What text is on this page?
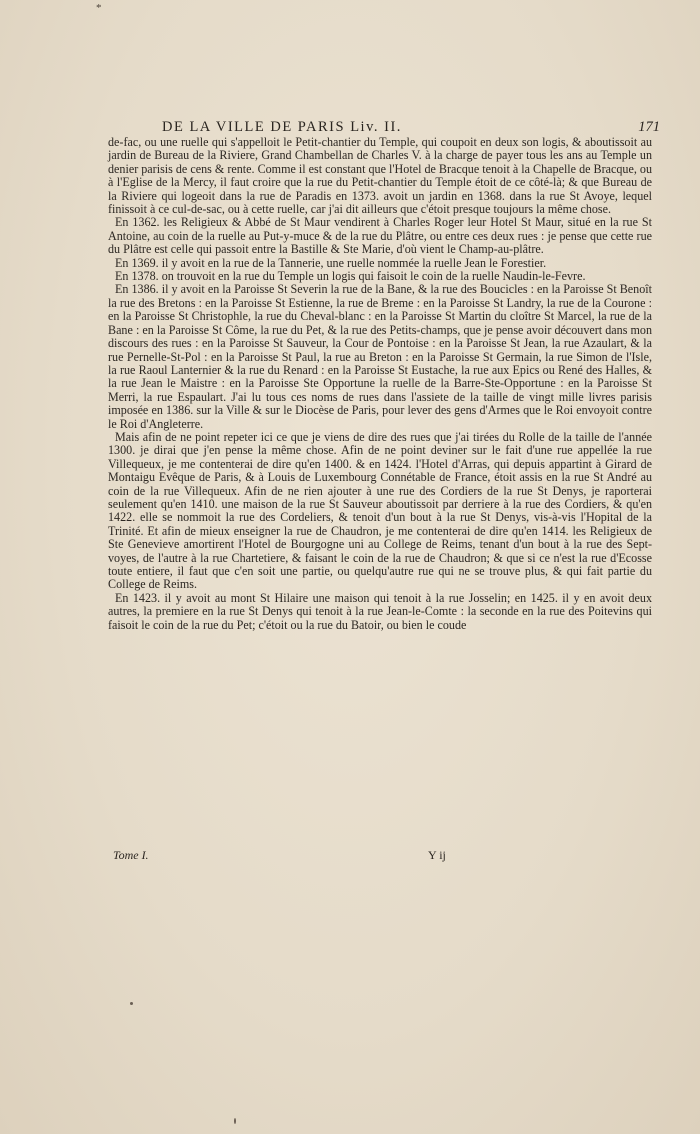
*
DE LA VILLE DE PARIS Liv. II.	171

de-fac, ou une ruelle qui s'appelloit le Petit-chantier du Temple, qui coupoit en deux son logis, & aboutissoit au jardin de Bureau de la Riviere, Grand Chambellan de Charles V. à la charge de payer tous les ans au Temple un denier parisis de cens & rente. Comme il est constant que l'Hotel de Bracque tenoit à la Chapelle de Bracque, ou à l'Eglise de la Mercy, il faut croire que la rue du Petit-chantier du Temple étoit de ce côté-là; & que Bureau de la Riviere qui logeoit dans la rue de Paradis en 1373. avoit un jardin en 1368. dans la rue St Avoye, lequel finissoit à ce cul-de-sac, ou à cette ruelle, car j'ai dit ailleurs que c'étoit presque toujours la même chose.

En 1362. les Religieux & Abbé de St Maur vendirent à Charles Roger leur Hotel St Maur, situé en la rue St Antoine, au coin de la ruelle au Put-y-muce & de la rue du Plâtre, ou entre ces deux rues : je pense que cette rue du Plâtre est celle qui passoit entre la Bastille & Ste Marie, d'où vient le Champ-au-plâtre.

En 1369. il y avoit en la rue de la Tannerie, une ruelle nommée la ruelle Jean le Forestier.

En 1378. on trouvoit en la rue du Temple un logis qui faisoit le coin de la ruelle Naudin-le-Fevre.

En 1386. il y avoit en la Paroisse St Severin la rue de la Bane, & la rue des Boucicles : en la Paroisse St Benoît la rue des Bretons : en la Paroisse St Estienne, la rue de Breme : en la Paroisse St Landry, la rue de la Courone : en la Paroisse St Christophle, la rue du Cheval-blanc : en la Paroisse St Martin du cloître St Marcel, la rue de la Bane : en la Paroisse St Côme, la rue du Pet, & la rue des Petits-champs, que je pense avoir découvert dans mon discours des rues : en la Paroisse St Sauveur, la Cour de Pontoise : en la Paroisse St Jean, la rue Azaulart, & la rue Pernelle-St-Pol : en la Paroisse St Paul, la rue au Breton : en la Paroisse St Germain, la rue Simon de l'Isle, la rue Raoul Lanternier & la rue du Renard : en la Paroisse St Eustache, la rue aux Epics ou René des Halles, & la rue Jean le Maistre : en la Paroisse Ste Opportune la ruelle de la Barre-Ste-Opportune : en la Paroisse St Merri, la rue Espaulart. J'ai lu tous ces noms de rues dans l'assiete de la taille de vingt mille livres parisis imposée en 1386. sur la Ville & sur le Diocèse de Paris, pour lever des gens d'Armes que le Roi envoyoit contre le Roi d'Angleterre.

Mais afin de ne point repeter ici ce que je viens de dire des rues que j'ai tirées du Rolle de la taille de l'année 1300. je dirai que j'en pense la même chose. Afin de ne point deviner sur le fait d'une rue appellée la rue Villequeux, je me contenterai de dire qu'en 1400. & en 1424. l'Hotel d'Arras, qui depuis appartint à Girard de Montaigu Evêque de Paris, & à Louis de Luxembourg Connétable de France, étoit assis en la rue St André au coin de la rue Villequeux. Afin de ne rien ajouter à une rue des Cordiers de la rue St Denys, je raporterai seulement qu'en 1410. une maison de la rue St Sauveur aboutissoit par derriere à la rue des Cordiers, & qu'en 1422. elle se nommoit la rue des Cordeliers, & tenoit d'un bout à la rue St Denys, vis-à-vis l'Hopital de la Trinité. Et afin de mieux enseigner la rue de Chaudron, je me contenterai de dire qu'en 1414. les Religieux de Ste Genevieve amortirent l'Hotel de Bourgogne uni au College de Reims, tenant d'un bout à la rue des Sept-voyes, de l'autre à la rue Chartetiere, & faisant le coin de la rue de Chaudron; & que si ce n'est la rue d'Ecosse toute entiere, il faut que c'en soit une partie, ou quelqu'autre rue qui ne se trouve plus, & qui fait partie du College de Reims.

En 1423. il y avoit au mont St Hilaire une maison qui tenoit à la rue Josselin; en 1425. il y en avoit deux autres, la premiere en la rue St Denys qui tenoit à la rue Jean-le-Comte : la seconde en la rue des Poitevins qui faisoit le coin de la rue du Pet; c'étoit ou la rue du Batoir, ou bien le coude

Tome I.	Y ij
